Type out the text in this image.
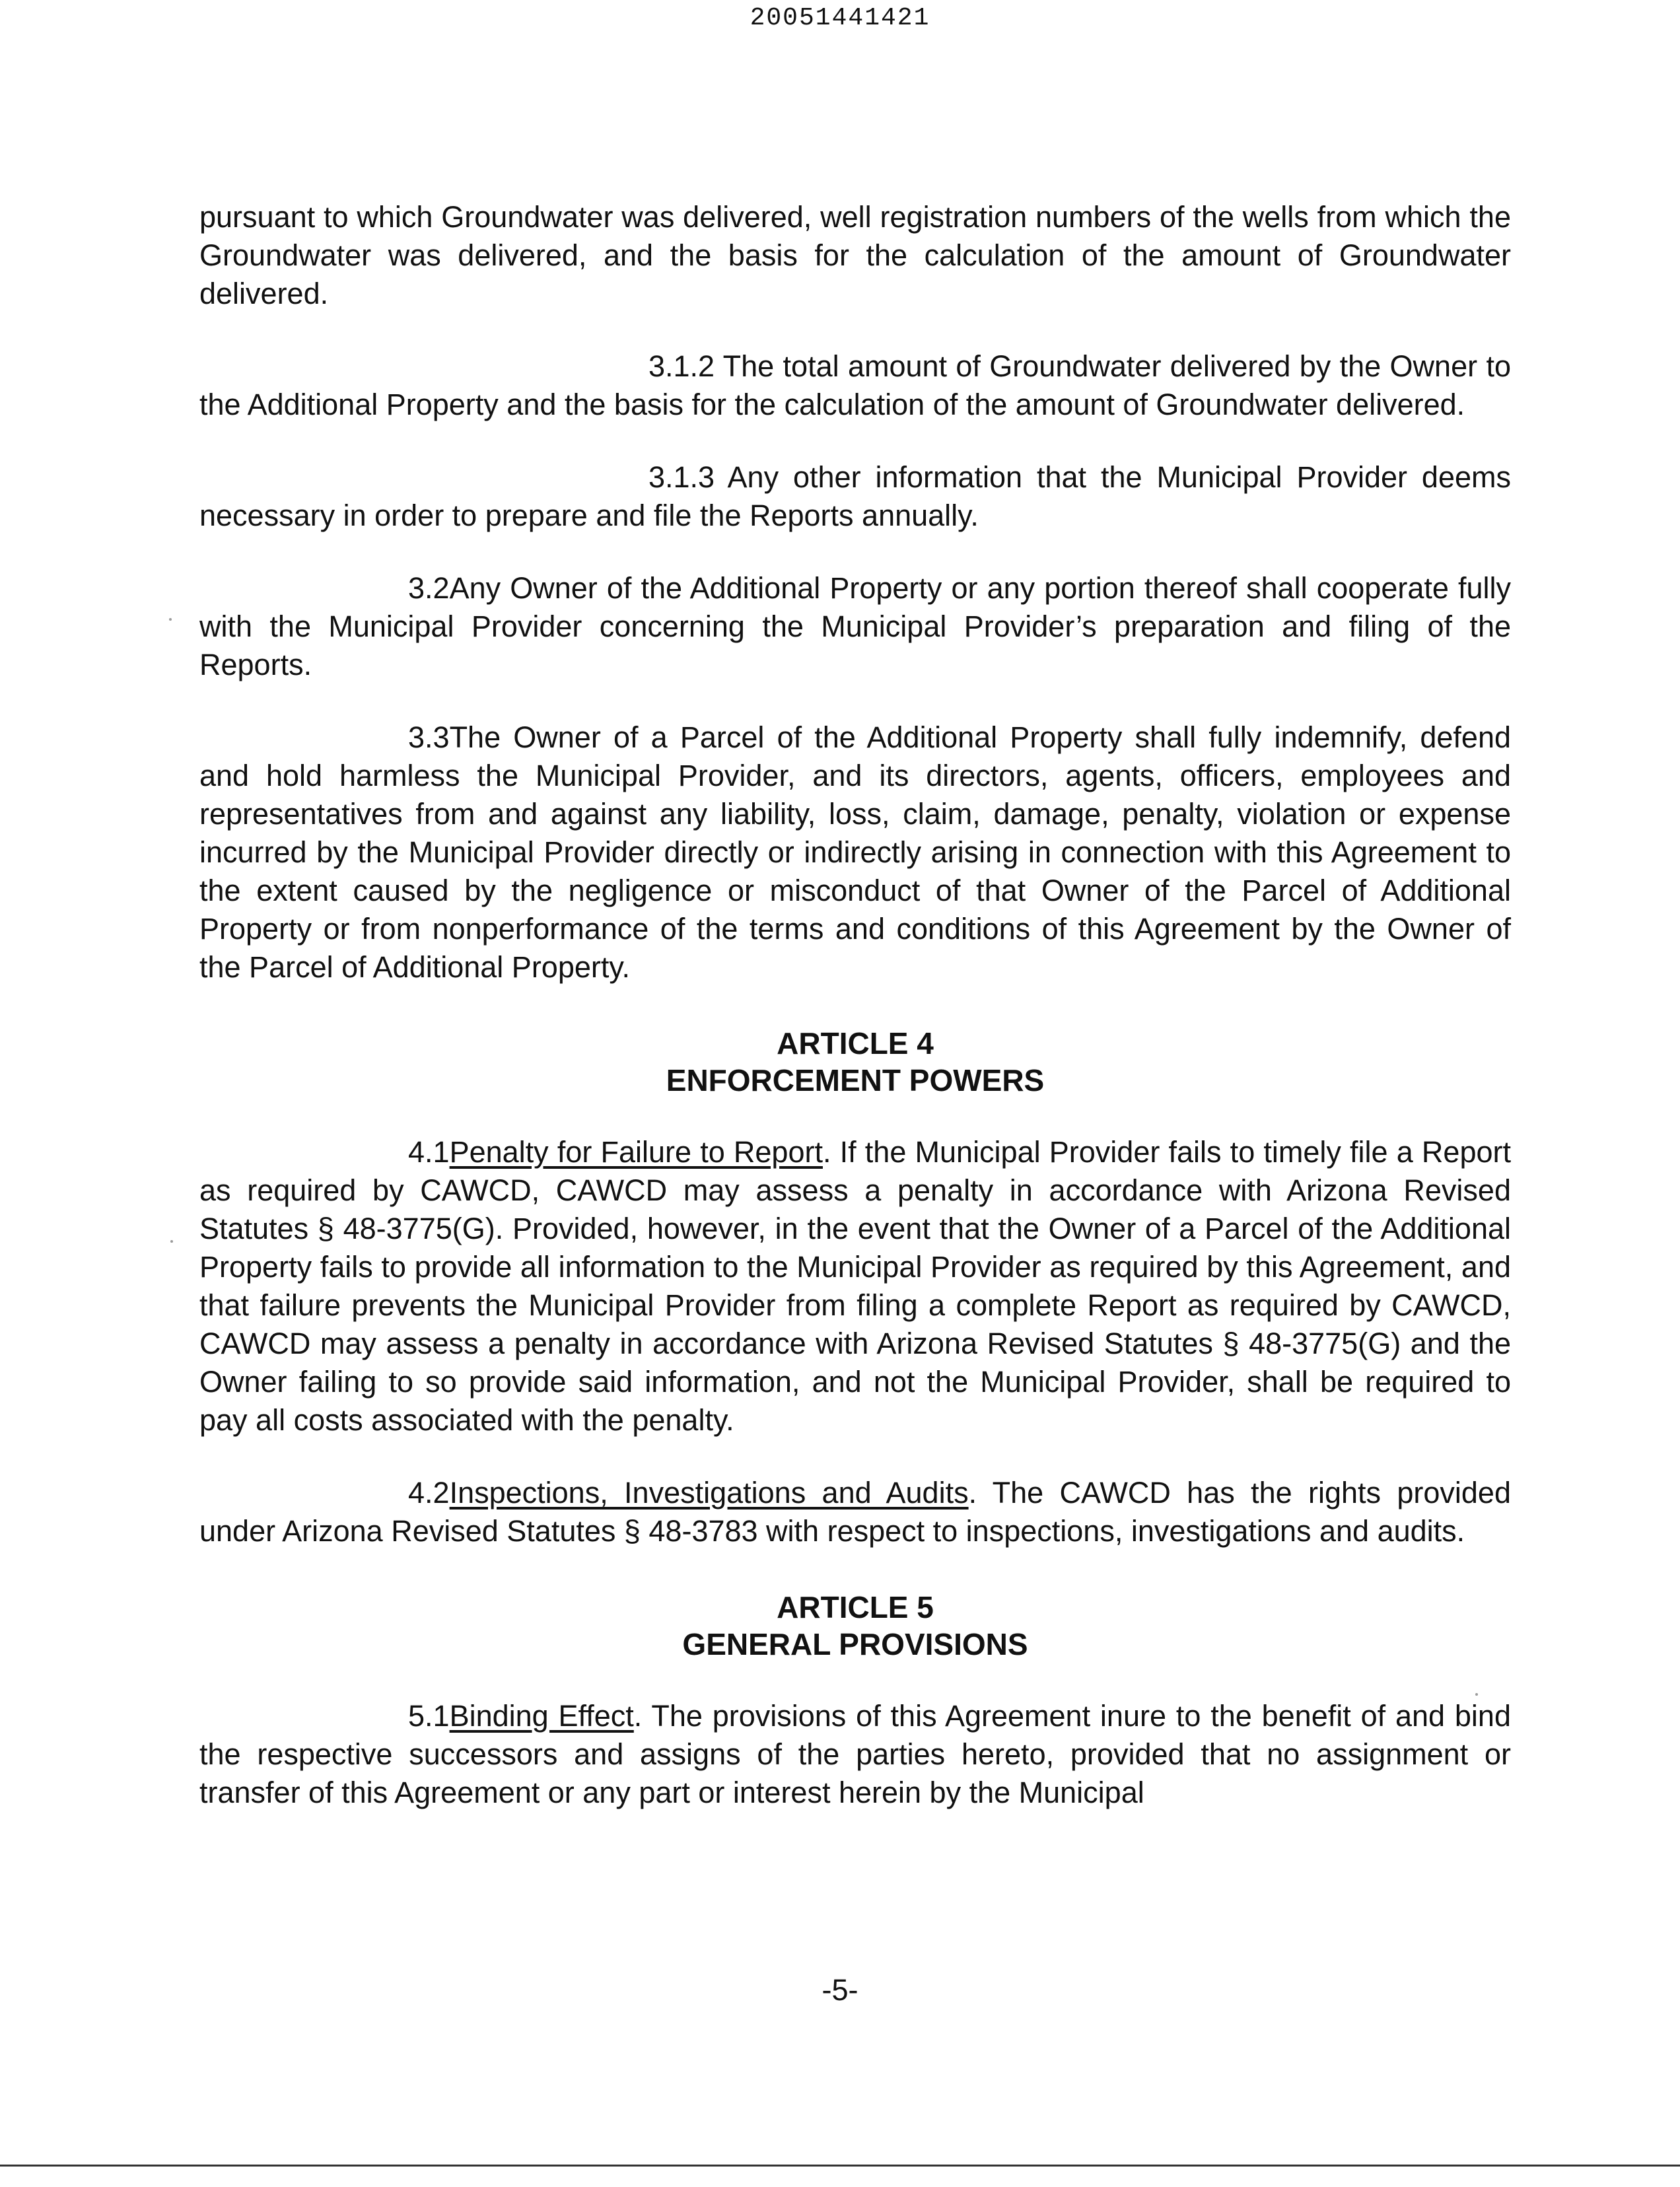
20051441421

pursuant to which Groundwater was delivered, well registration numbers of the wells from which the Groundwater was delivered, and the basis for the calculation of the amount of Groundwater delivered.

3.1.2 The total amount of Groundwater delivered by the Owner to the Additional Property and the basis for the calculation of the amount of Groundwater delivered.

3.1.3 Any other information that the Municipal Provider deems necessary in order to prepare and file the Reports annually.

3.2Any Owner of the Additional Property or any portion thereof shall cooperate fully with the Municipal Provider concerning the Municipal Provider’s preparation and filing of the Reports.

3.3The Owner of a Parcel of the Additional Property shall fully indemnify, defend and hold harmless the Municipal Provider, and its directors, agents, officers, employees and representatives from and against any liability, loss, claim, damage, penalty, violation or expense incurred by the Municipal Provider directly or indirectly arising in connection with this Agreement to the extent caused by the negligence or misconduct of that Owner of the Parcel of Additional Property or from nonperformance of the terms and conditions of this Agreement by the Owner of the Parcel of Additional Property.

ARTICLE 4
ENFORCEMENT POWERS

4.1Penalty for Failure to Report. If the Municipal Provider fails to timely file a Report as required by CAWCD, CAWCD may assess a penalty in accordance with Arizona Revised Statutes § 48-3775(G). Provided, however, in the event that the Owner of a Parcel of the Additional Property fails to provide all information to the Municipal Provider as required by this Agreement, and that failure prevents the Municipal Provider from filing a complete Report as required by CAWCD, CAWCD may assess a penalty in accordance with Arizona Revised Statutes § 48-3775(G) and the Owner failing to so provide said information, and not the Municipal Provider, shall be required to pay all costs associated with the penalty.

4.2Inspections, Investigations and Audits. The CAWCD has the rights provided under Arizona Revised Statutes § 48-3783 with respect to inspections, investigations and audits.

ARTICLE 5
GENERAL PROVISIONS

5.1Binding Effect. The provisions of this Agreement inure to the benefit of and bind the respective successors and assigns of the parties hereto, provided that no assignment or transfer of this Agreement or any part or interest herein by the Municipal

-5-
